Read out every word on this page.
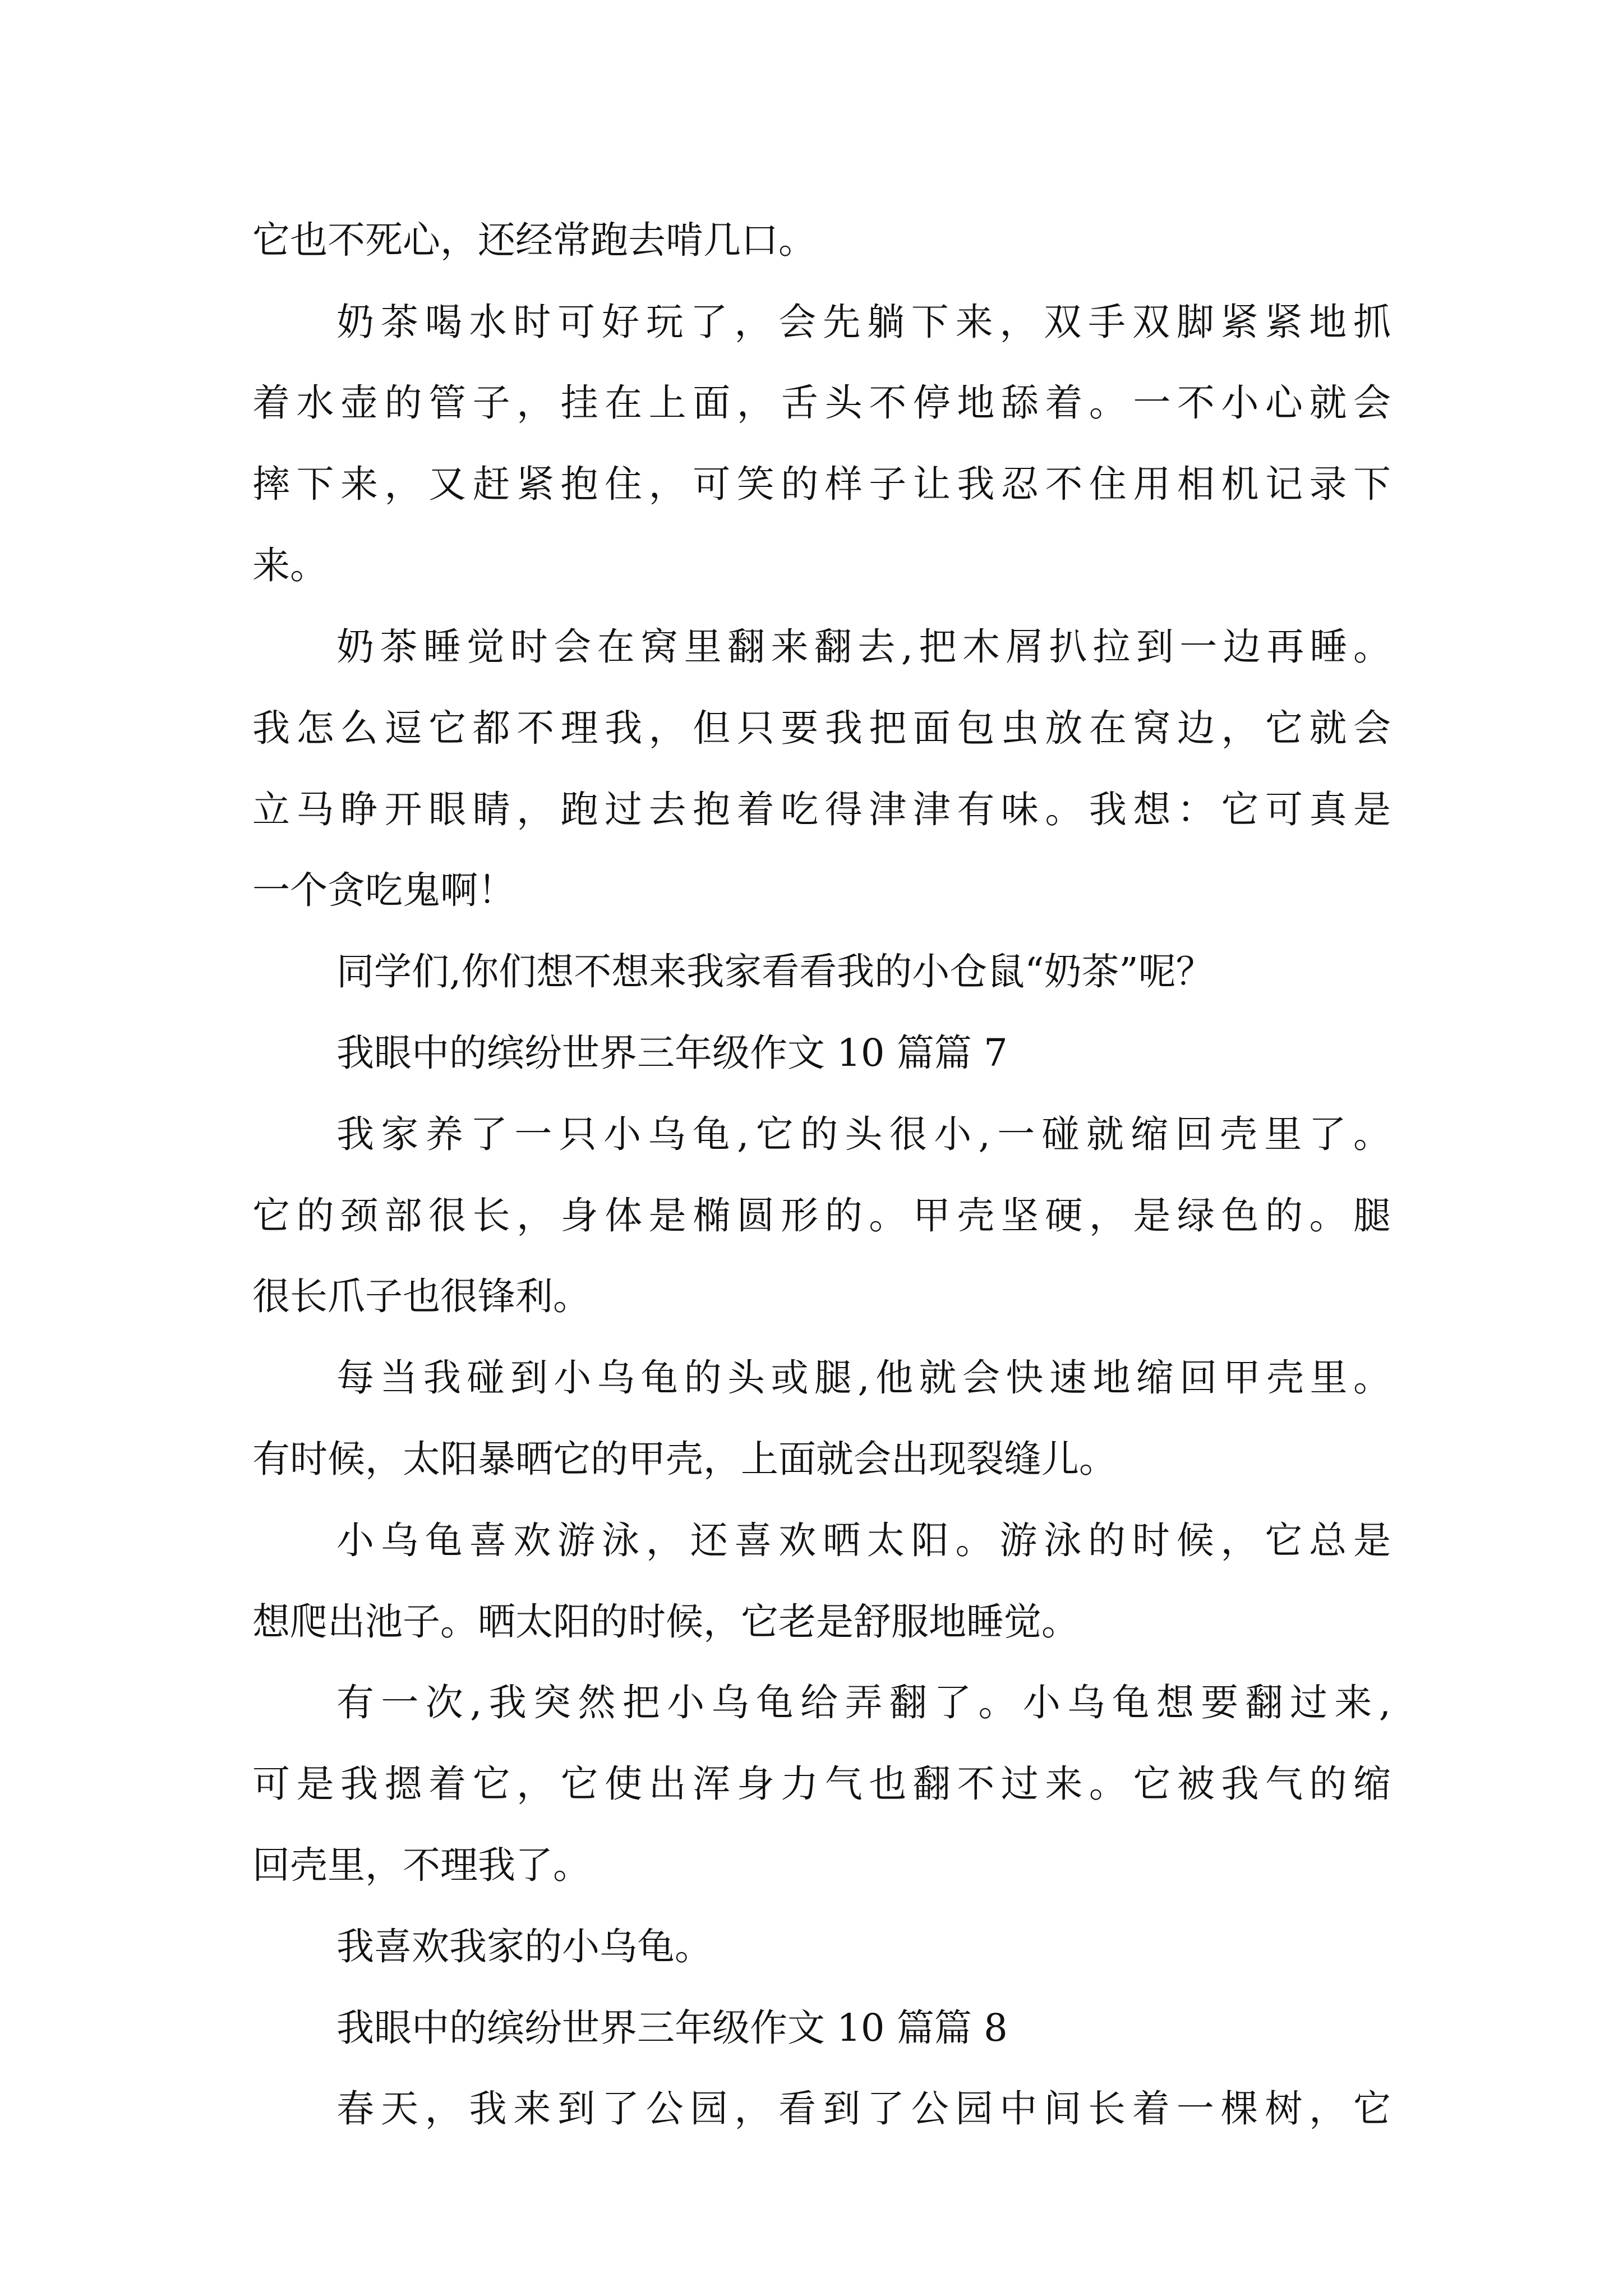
它也不死心，还经常跑去啃几口。
奶茶喝水时可好玩了，会先躺下来，双手双脚紧紧地抓
着水壶的管子，挂在上面，舌头不停地舔着。一不小心就会
摔下来，又赶紧抱住，可笑的样子让我忍不住用相机记录下
来。
奶茶睡觉时会在窝里翻来翻去,把木屑扒拉到一边再睡。
我怎么逗它都不理我，但只要我把面包虫放在窝边，它就会
立马睁开眼睛，跑过去抱着吃得津津有味。我想：它可真是
一个贪吃鬼啊！
同学们,你们想不想来我家看看我的小仓鼠“奶茶”呢？
我眼中的缤纷世界三年级作文 10 篇篇 7
我家养了一只小乌龟,它的头很小,一碰就缩回壳里了。
它的颈部很长，身体是椭圆形的。甲壳坚硬，是绿色的。腿
很长爪子也很锋利。
每当我碰到小乌龟的头或腿,他就会快速地缩回甲壳里。
有时候，太阳暴晒它的甲壳，上面就会出现裂缝儿。
小乌龟喜欢游泳，还喜欢晒太阳。游泳的时候，它总是
想爬出池子。晒太阳的时候，它老是舒服地睡觉。
有一次,我突然把小乌龟给弄翻了。小乌龟想要翻过来,
可是我摁着它，它使出浑身力气也翻不过来。它被我气的缩
回壳里，不理我了。
我喜欢我家的小乌龟。
我眼中的缤纷世界三年级作文 10 篇篇 8
春天，我来到了公园，看到了公园中间长着一棵树，它
